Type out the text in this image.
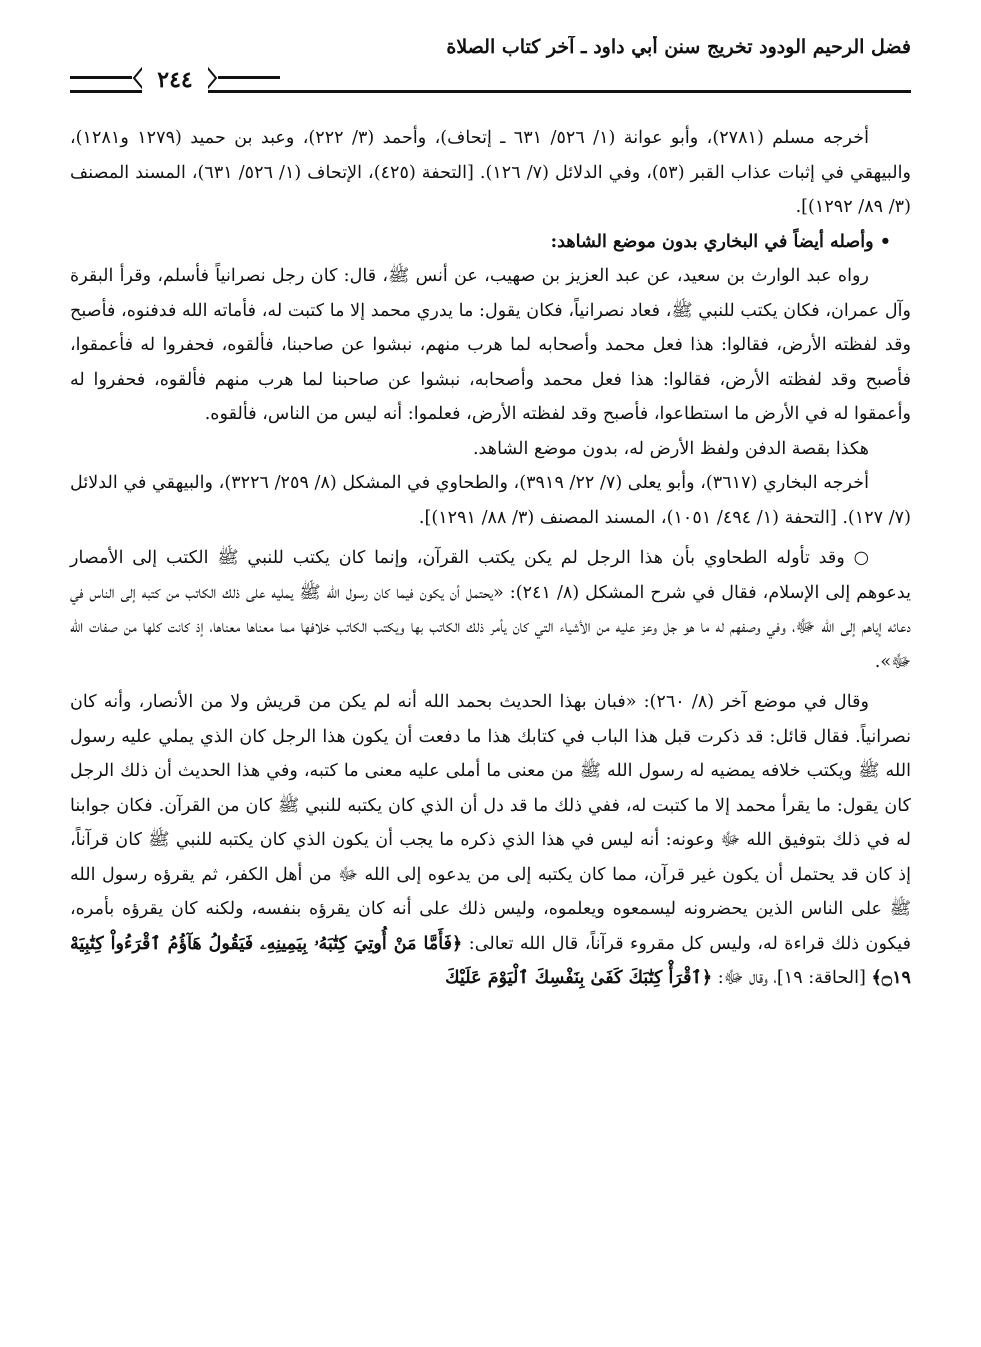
فضل الرحيم الودود تخريج سنن أبي داود ـ آخر كتاب الصلاة
٢٤٤

أخرجه مسلم (٢٧٨١)، وأبو عوانة (١/ ٥٢٦/ ٦٣١ ـ إتحاف)، وأحمد (٣/ ٢٢٢)، وعبد بن حميد (١٢٧٩ و١٢٨١)، والبيهقي في إثبات عذاب القبر (٥٣)، وفي الدلائل (٧/ ١٢٦). [التحفة (٤٢٥)، الإتحاف (١/ ٥٢٦/ ٦٣١)، المسند المصنف (٣/ ٨٩/ ١٢٩٢)].

• وأصله أيضاً في البخاري بدون موضع الشاهد:

رواه عبد الوارث بن سعيد، عن عبد العزيز بن صهيب، عن أنس ﷺ، قال: كان رجل نصرانياً فأسلم، وقرأ البقرة وآل عمران، فكان يكتب للنبي ﷺ، فعاد نصرانياً، فكان يقول: ما يدري محمد إلا ما كتبت له، فأماته الله فدفنوه، فأصبح وقد لفظته الأرض، فقالوا: هذا فعل محمد وأصحابه لما هرب منهم، نبشوا عن صاحبنا، فألقوه، فحفروا له فأعمقوا، فأصبح وقد لفظته الأرض، فقالوا: هذا فعل محمد وأصحابه، نبشوا عن صاحبنا لما هرب منهم فألقوه، فحفروا له وأعمقوا له في الأرض ما استطاعوا، فأصبح وقد لفظته الأرض، فعلموا: أنه ليس من الناس، فألقوه.

هكذا بقصة الدفن ولفظ الأرض له، بدون موضع الشاهد.

أخرجه البخاري (٣٦١٧)، وأبو يعلى (٧/ ٢٢/ ٣٩١٩)، والطحاوي في المشكل (٨/ ٢٥٩/ ٣٢٢٦)، والبيهقي في الدلائل (٧/ ١٢٧). [التحفة (١/ ٤٩٤/ ١٠٥١)، المسند المصنف (٣/ ٨٨/ ١٢٩١)].

○ وقد تأوله الطحاوي بأن هذا الرجل لم يكن يكتب القرآن، وإنما كان يكتب للنبي ﷺ الكتب إلى الأمصار يدعوهم إلى الإسلام، فقال في شرح المشكل (٨/ ٢٤١): «يحتمل أن يكون فيما كان رسول الله ﷺ يمليه على ذلك الكاتب من كتبه إلى الناس في دعائه إياهم إلى الله ﷻ، وفي وصفهم له ما هو جل وعز عليه من الأشياء التي كان يأمر ذلك الكاتب بها ويكتب الكاتب خلافها مما معناها معناها، إذ كانت كلها من صفات الله ﷻ».

وقال في موضع آخر (٨/ ٢٦٠): «فبان بهذا الحديث بحمد الله أنه لم يكن من قريش ولا من الأنصار، وأنه كان نصرانياً. فقال قائل: قد ذكرت قبل هذا الباب في كتابك هذا ما دفعت أن يكون هذا الرجل كان الذي يملي عليه رسول الله ﷺ ويكتب خلافه يمضيه له رسول الله ﷺ من معنى ما أملى عليه معنى ما كتبه، وفي هذا الحديث أن ذلك الرجل كان يقول: ما يقرأ محمد إلا ما كتبت له، ففي ذلك ما قد دل أن الذي كان يكتبه للنبي ﷺ كان من القرآن. فكان جوابنا له في ذلك بتوفيق الله ﷻ وعونه: أنه ليس في هذا الذي ذكره ما يجب أن يكون الذي كان يكتبه للنبي ﷺ كان قرآناً، إذ كان قد يحتمل أن يكون غير قرآن، مما كان يكتبه إلى من يدعوه إلى الله ﷻ من أهل الكفر، ثم يقرؤه رسول الله ﷺ على الناس الذين يحضرونه ليسمعوه ويعلموه، وليس ذلك على أنه كان يقرؤه بنفسه، ولكنه كان يقرؤه بأمره، فيكون ذلك قراءة له، وليس كل مقروء قرآناً، قال الله تعالى: ﴿فَأَمَّا مَنْ أُوتِيَ كِتَٰبَهُۥ بِيَمِينِهِۦ فَيَقُولُ هَآؤُمُ ٱقْرَءُواْ كِتَٰبِيَهْ ۝١٩﴾ [الحاقة: ١٩]، وقال ﷻ: ﴿ٱقْرَأْ كِتَٰبَكَ كَفَىٰ بِنَفْسِكَ ٱلْيَوْمَ عَلَيْكَ
